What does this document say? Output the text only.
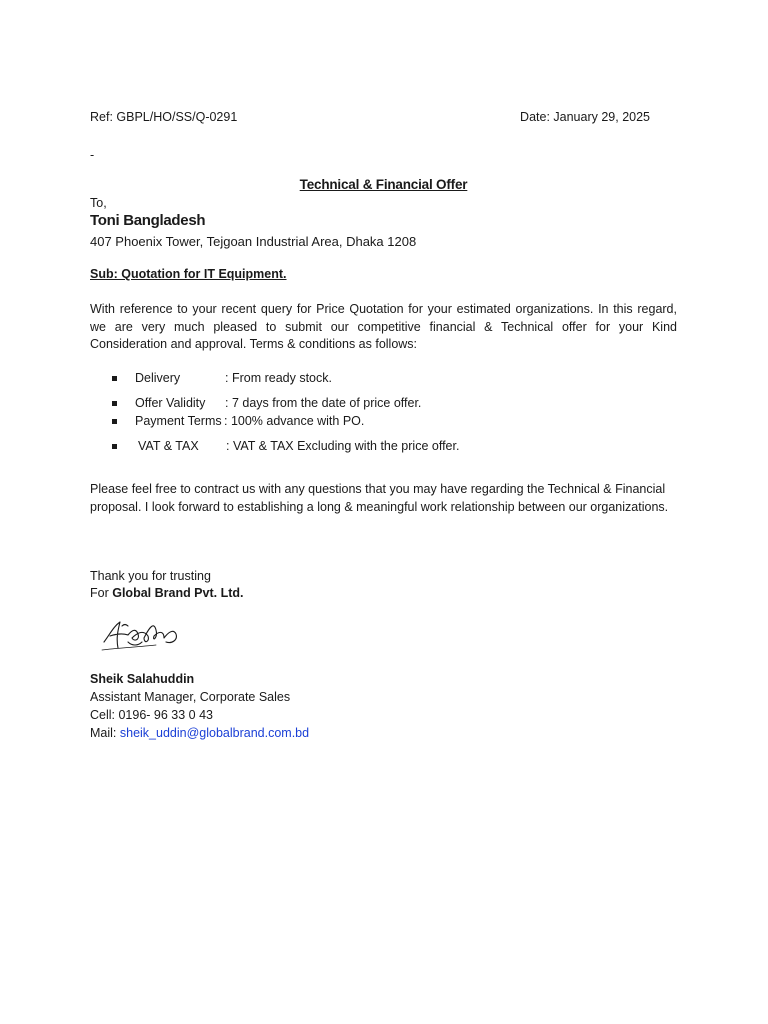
Ref: GBPL/HO/SS/Q-0291	Date: January 29, 2025
-
Technical & Financial Offer
To,
Toni Bangladesh
407 Phoenix Tower, Tejgoan Industrial Area, Dhaka 1208
Sub: Quotation for IT Equipment.
With reference to your recent query for Price Quotation for your estimated organizations. In this regard, we are very much pleased to submit our competitive financial & Technical offer for your Kind
Consideration and approval. Terms & conditions as follows:
Delivery	: From ready stock.
Offer Validity : 7 days from the date of price offer.
Payment Terms : 100% advance with PO.
VAT & TAX : VAT & TAX Excluding with the price offer.
Please feel free to contract us with any questions that you may have regarding the Technical & Financial proposal. I look forward to establishing a long & meaningful work relationship between our organizations.
Thank you for trusting
For Global Brand Pvt. Ltd.
Sheik Salahuddin
Assistant Manager, Corporate Sales
Cell: 0196- 96 33 0 43
Mail: sheik_uddin@globalbrand.com.bd
